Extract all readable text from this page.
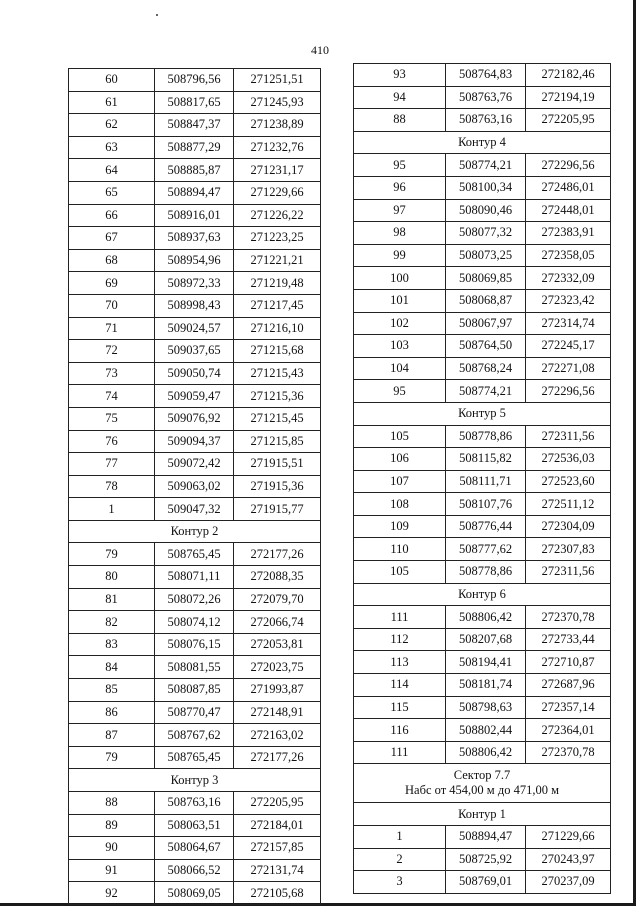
410
60	508796,56	271251,51
61	508817,65	271245,93
62	508847,37	271238,89
63	508877,29	271232,76
64	508885,87	271231,17
65	508894,47	271229,66
66	508916,01	271226,22
67	508937,63	271223,25
68	508954,96	271221,21
69	508972,33	271219,48
70	508998,43	271217,45
71	509024,57	271216,10
72	509037,65	271215,68
73	509050,74	271215,43
74	509059,47	271215,36
75	509076,92	271215,45
76	509094,37	271215,85
77	509072,42	271915,51
78	509063,02	271915,36
1	509047,32	271915,77
Контур 2		
79	508765,45	272177,26
80	508071,11	272088,35
81	508072,26	272079,70
82	508074,12	272066,74
83	508076,15	272053,81
84	508081,55	272023,75
85	508087,85	271993,87
86	508770,47	272148,91
87	508767,62	272163,02
79	508765,45	272177,26
Контур 3		
88	508763,16	272205,95
89	508063,51	272184,01
90	508064,67	272157,85
91	508066,52	272131,74
92	508069,05	272105,68
93	508764,83	272182,46
94	508763,76	272194,19
88	508763,16	272205,95
Контур 4		
95	508774,21	272296,56
96	508100,34	272486,01
97	508090,46	272448,01
98	508077,32	272383,91
99	508073,25	272358,05
100	508069,85	272332,09
101	508068,87	272323,42
102	508067,97	272314,74
103	508764,50	272245,17
104	508768,24	272271,08
95	508774,21	272296,56
Контур 5		
105	508778,86	272311,56
106	508115,82	272536,03
107	508111,71	272523,60
108	508107,76	272511,12
109	508776,44	272304,09
110	508777,62	272307,83
105	508778,86	272311,56
Контур 6		
111	508806,42	272370,78
112	508207,68	272733,44
113	508194,41	272710,87
114	508181,74	272687,96
115	508798,63	272357,14
116	508802,44	272364,01
111	508806,42	272370,78
Сектор 7.7
Набс от 454,00 м до 471,00 м		
Контур 1		
1	508894,47	271229,66
2	508725,92	270243,97
3	508769,01	270237,09
